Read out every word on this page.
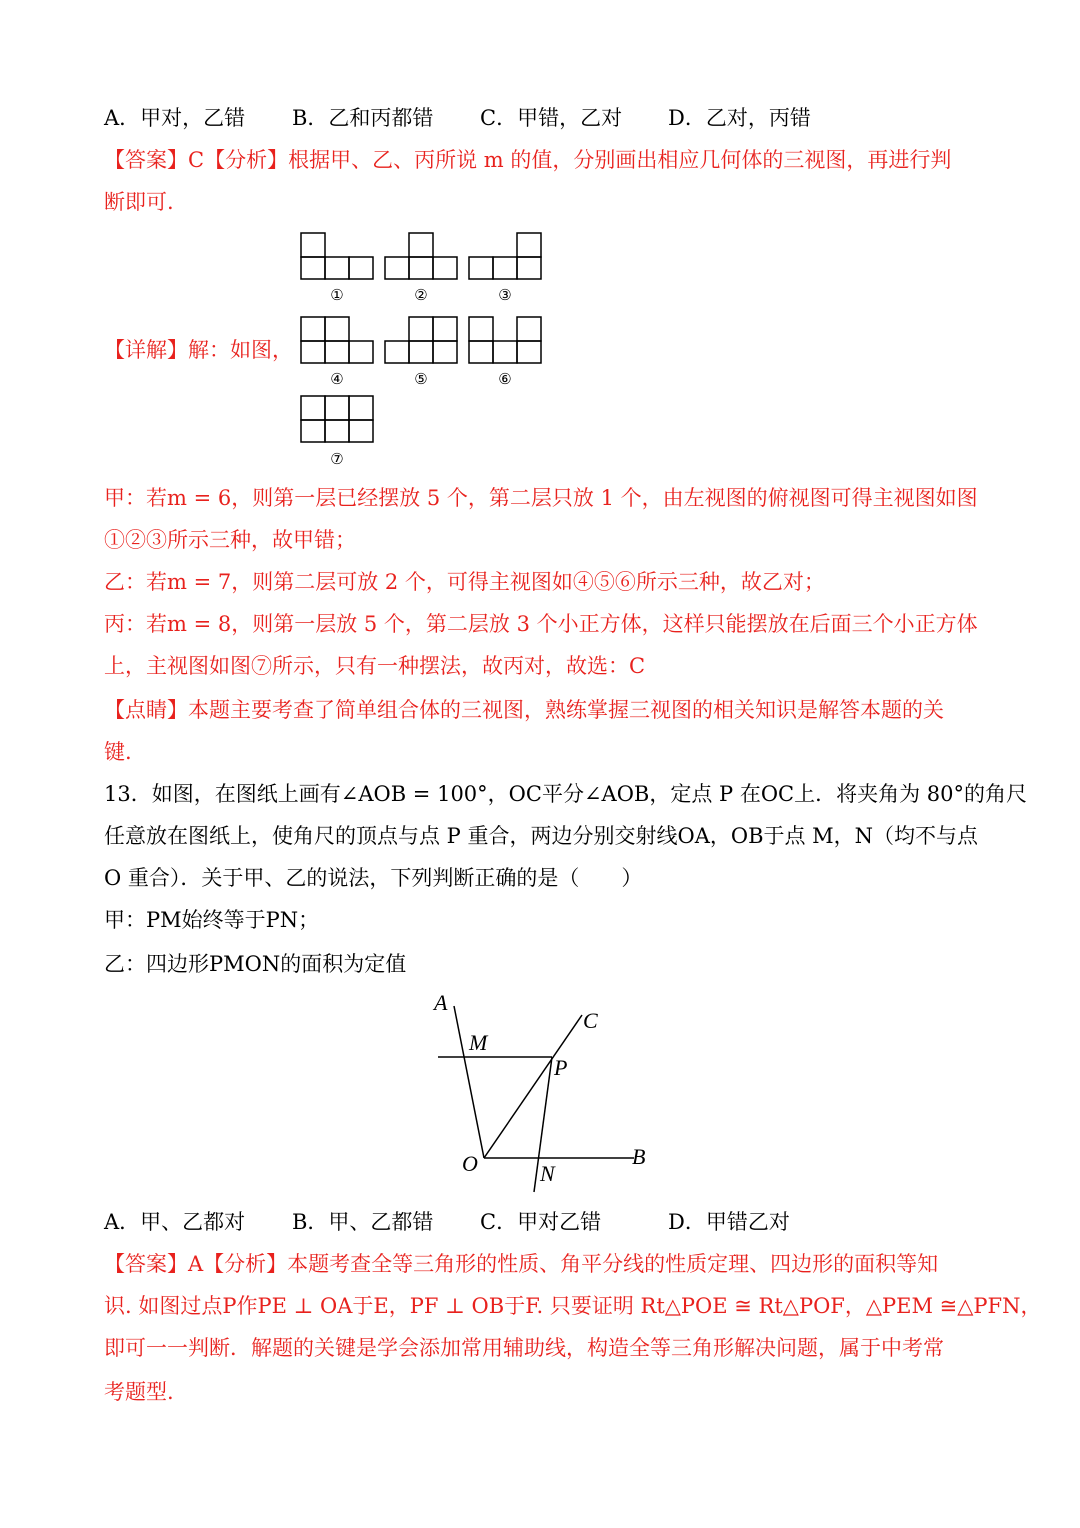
A．甲对，乙错 B．乙和丙都错 C．甲错，乙对 D．乙对，丙错
【答案】C【分析】根据甲、乙、丙所说 m 的值，分别画出相应几何体的三视图，再进行判
断即可.
【详解】解：如图，
①	②	③
④	⑤	⑥
⑦
甲：若m = 6，则第一层已经摆放 5 个，第二层只放 1 个，由左视图的俯视图可得主视图如图
①②③所示三种，故甲错；
乙：若m = 7，则第二层可放 2 个，可得主视图如④⑤⑥所示三种，故乙对；
丙：若m = 8，则第一层放 5 个，第二层放 3 个小正方体，这样只能摆放在后面三个小正方体
上，主视图如图⑦所示，只有一种摆法，故丙对，故选：C
【点睛】本题主要考查了简单组合体的三视图，熟练掌握三视图的相关知识是解答本题的关
键.
13．如图，在图纸上画有∠AOB = 100°，OC平分∠AOB，定点 P 在OC上．将夹角为 80°的角尺
任意放在图纸上，使角尺的顶点与点 P 重合，两边分别交射线OA，OB于点 M，N（均不与点
O 重合）．关于甲、乙的说法，下列判断正确的是（　　）
甲：PM始终等于PN；
乙：四边形PMON的面积为定值
A
M
C
P
O	N
B
A．甲、乙都对 B．甲、乙都错 C．甲对乙错	D．甲错乙对
【答案】A【分析】本题考查全等三角形的性质、角平分线的性质定理、四边形的面积等知
识. 如图过点P作PE ⊥ OA于E，PF ⊥ OB于F. 只要证明 Rt△POE ≅ Rt△POF，△PEM ≅△PFN，
即可一一判断．解题的关键是学会添加常用辅助线，构造全等三角形解决问题，属于中考常
考题型.
